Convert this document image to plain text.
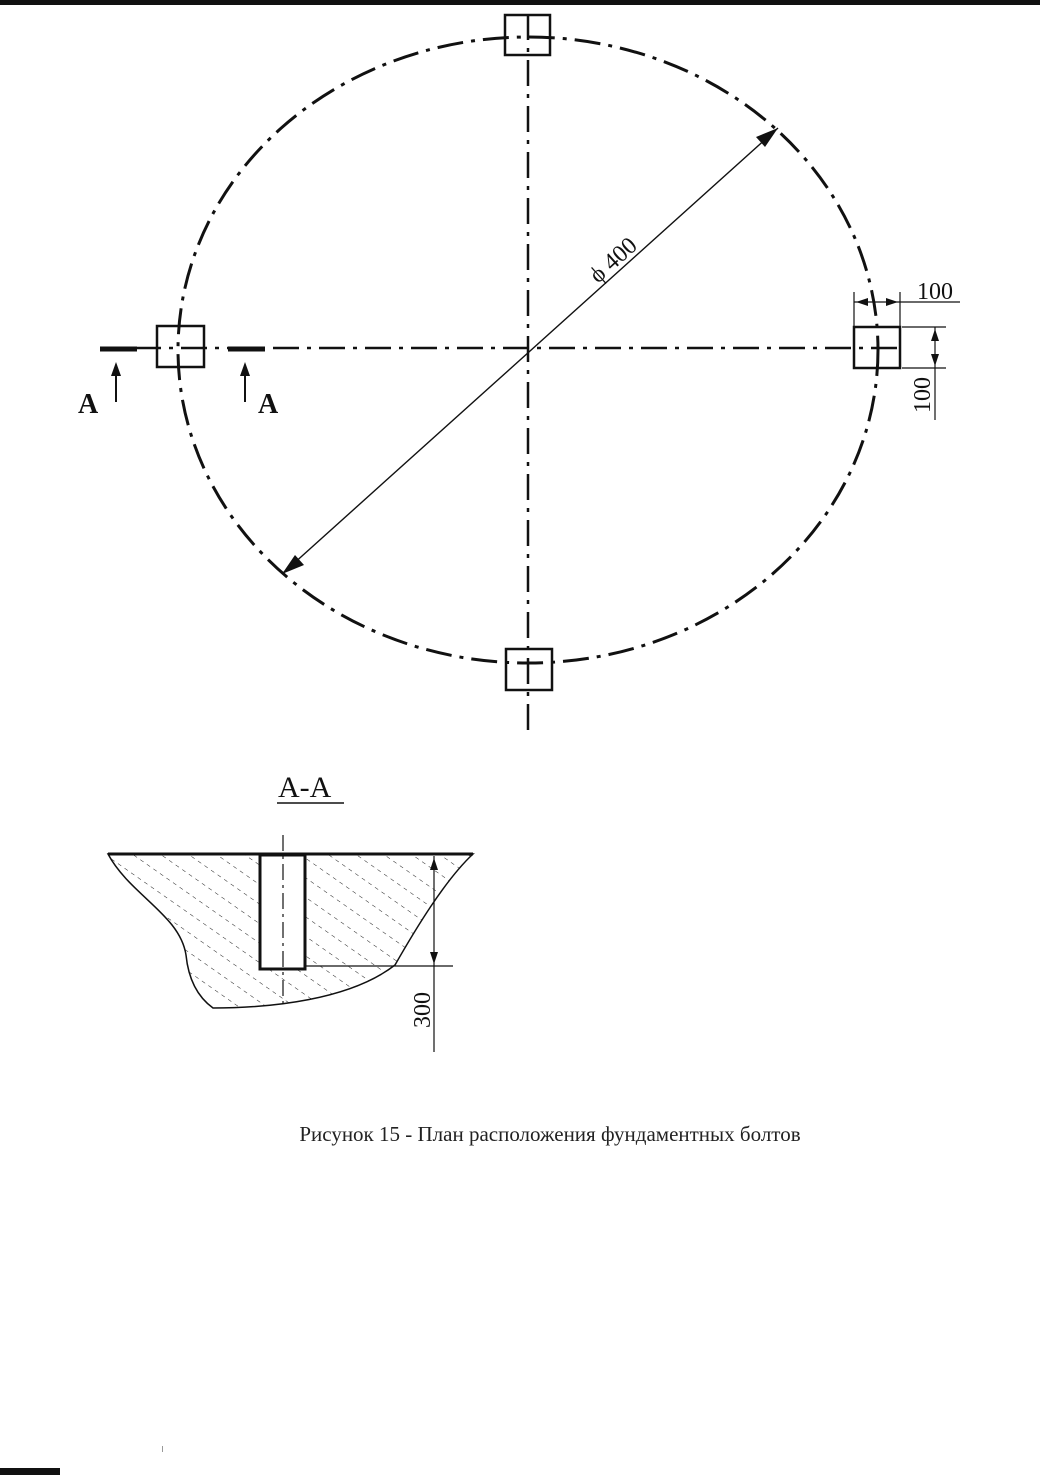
ϕ 400
100
100
А	А
А-А
300
Рисунок 15 - План расположения фундаментных болтов
